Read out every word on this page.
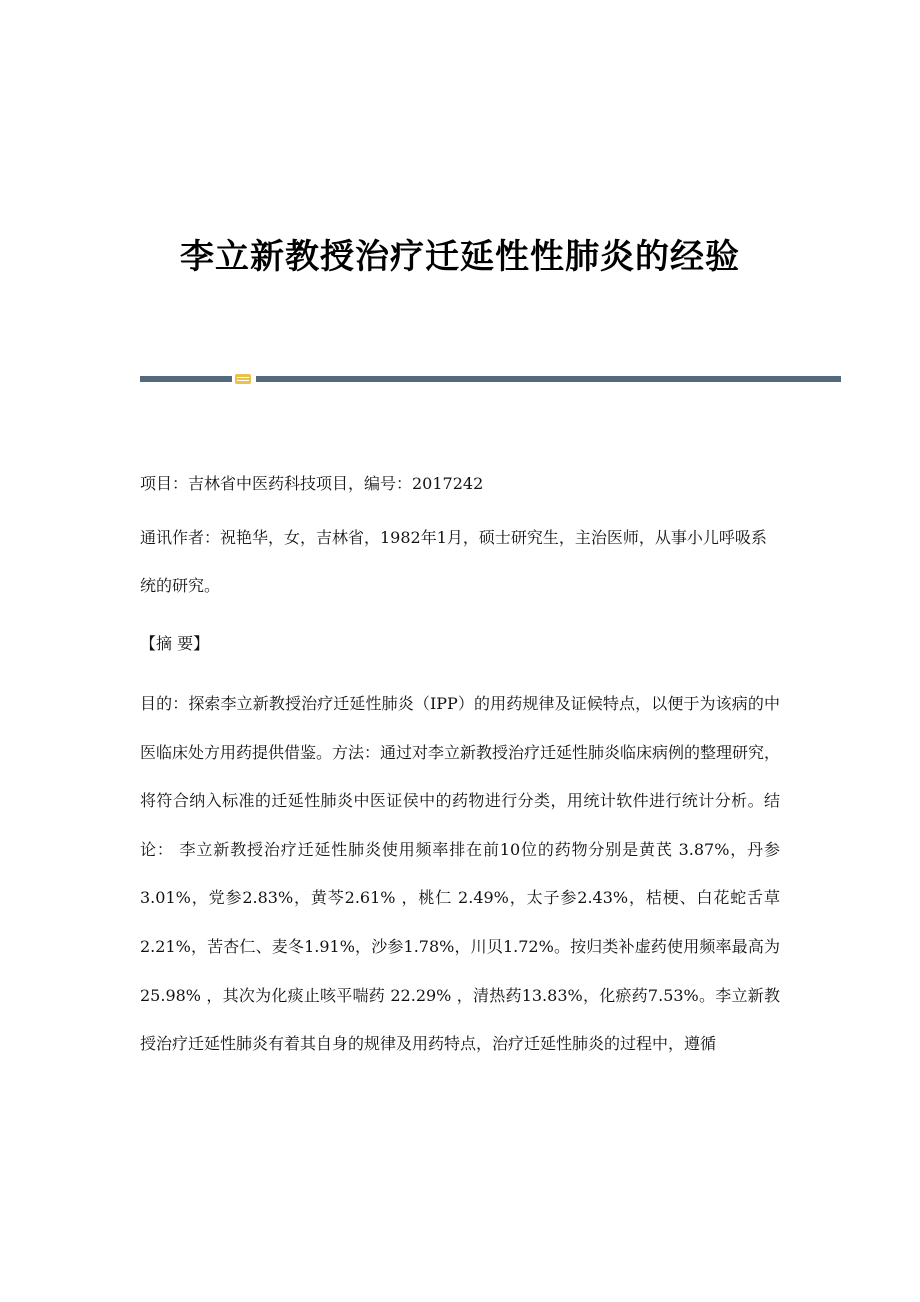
李立新教授治疗迁延性性肺炎的经验

项目：吉林省中医药科技项目，编号：2017242

通讯作者：祝艳华，女，吉林省，1982年1月，硕士研究生，主治医师，从事小儿呼吸系统的研究。

【摘 要】

目的：探索李立新教授治疗迁延性肺炎（IPP）的用药规律及证候特点，以便于为该病的中医临床处方用药提供借鉴。方法：通过对李立新教授治疗迁延性肺炎临床病例的整理研究，将符合纳入标准的迁延性肺炎中医证侯中的药物进行分类，用统计软件进行统计分析。结论： 李立新教授治疗迁延性肺炎使用频率排在前10位的药物分别是黄芪 3.87%，丹参 3.01%，党参2.83%，黄芩2.61% ，桃仁 2.49%，太子参2.43%，桔梗、白花蛇舌草2.21%，苦杏仁、麦冬1.91%，沙参1.78%，川贝1.72%。按归类补虚药使用频率最高为25.98% ，其次为化痰止咳平喘药 22.29% ，清热药13.83%，化瘀药7.53%。李立新教授治疗迁延性肺炎有着其自身的规律及用药特点，治疗迁延性肺炎的过程中，遵循
